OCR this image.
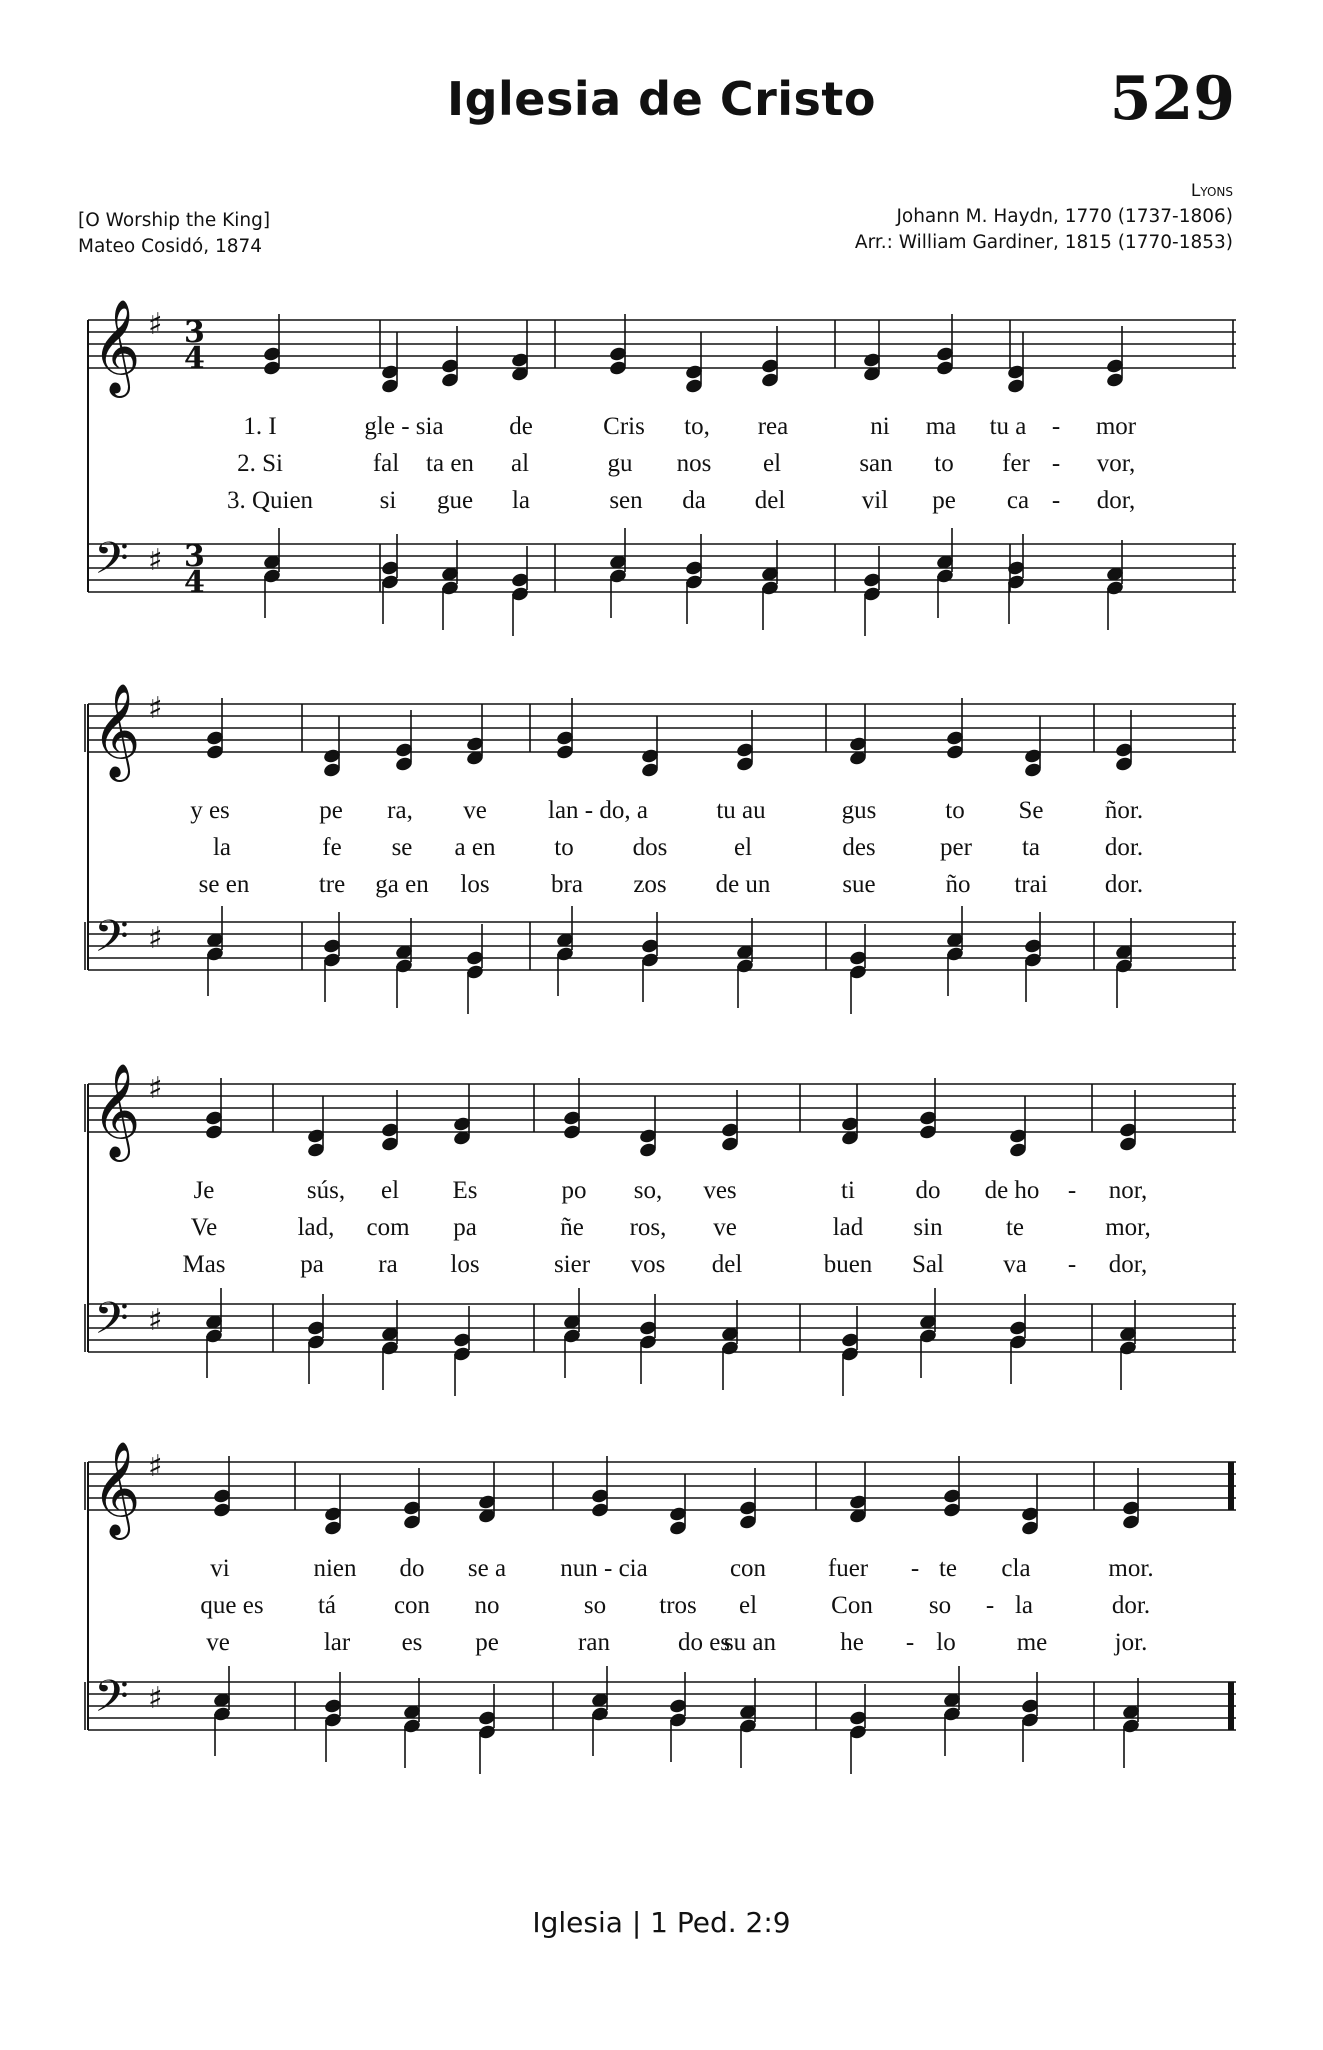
Iglesia de Cristo	529
[O Worship the King]
Mateo Cosidó, 1874
Lyons
Johann M. Haydn, 1770 (1737-1806)
Arr.: William Gardiner, 1815 (1770-1853)
𝄞
𝄢
♯
♯
3
4
3
4
1. I	gle - sia	de	Cris to, rea	ni ma tu a - mor
2. Si	fal ta en al	gu nos el	san to fer - vor,
3. Quien	si gue la	sen da del	vil pe ca - dor,
𝄞
𝄢
♯
♯
y es	pe ra, ve lan - do, a	tu au	gus	to Se ñor.
la	fe se a en to dos	el	des	per ta	dor.
se en	tre ga en los bra zos de un	sue	ño trai dor.
𝄞
𝄢
♯
♯
Je	sús, el Es	po so, ves	ti do de ho - nor,
Ve	lad, com pa	ñe ros, ve	lad sin	te	mor,
Mas	pa ra los	sier vos del	buen Sal va - dor,
𝄞
𝄢
♯
♯
vi	nien do se a nun - cia	con fuer - te cla	mor.
que es tá con no	so tros el	Con so - la	dor.
ve	lar es pe	ran	do es
su an	he - lo me	jor.
Iglesia | 1 Ped. 2:9
